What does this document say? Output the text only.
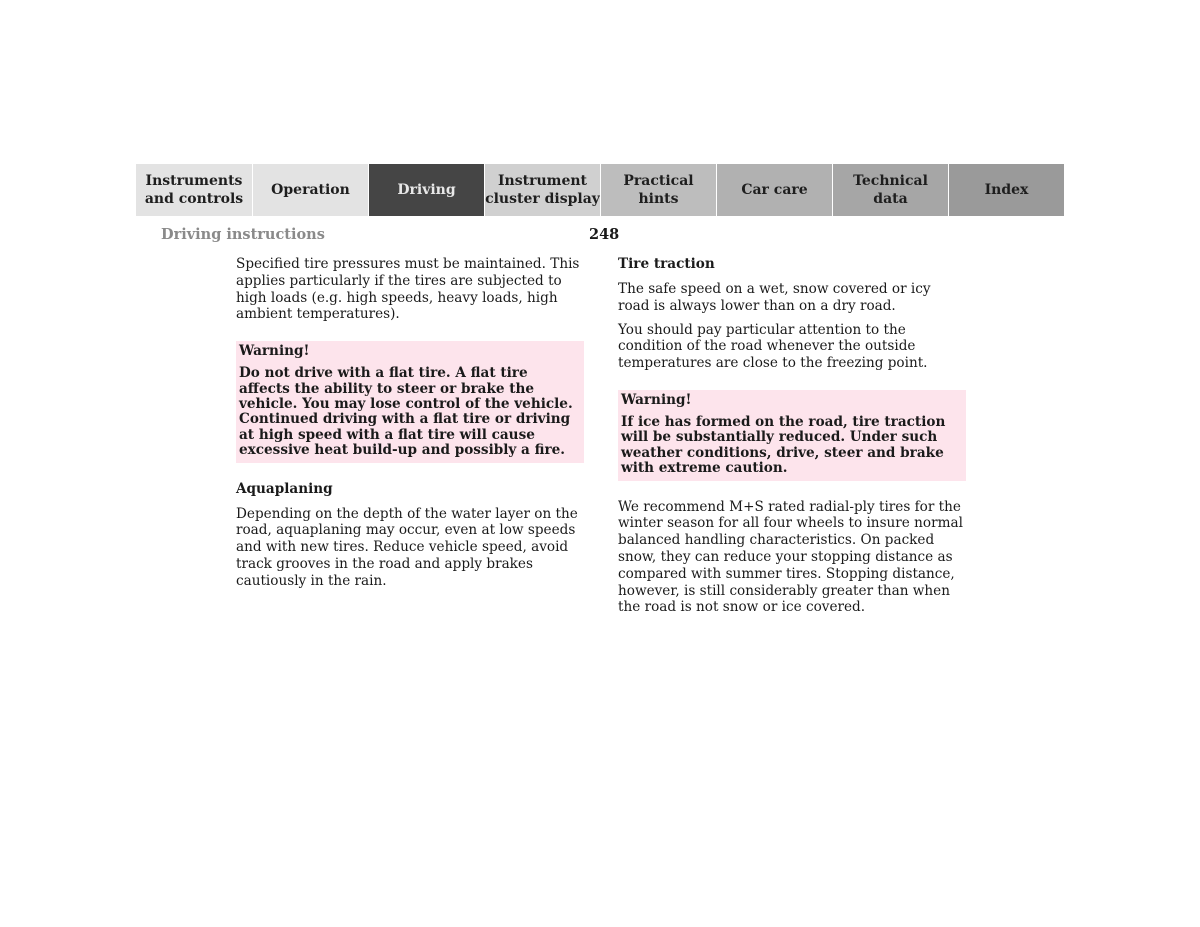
Instruments
and controls
Operation	Driving
Instrument
cluster display
Practical hints
Car care
Technical
data
Index
Driving instructions	248

Specified tire pressures must be maintained. This applies particularly if the tires are subjected to high loads (e.g. high speeds, heavy loads, high ambient temperatures).

Warning!
Do not drive with a flat tire. A flat tire affects the ability to steer or brake the vehicle. You may lose control of the vehicle. Continued driving with a flat tire or driving at high speed with a flat tire will cause excessive heat build-up and possibly a fire.
Aquaplaning

Depending on the depth of the water layer on the road, aquaplaning may occur, even at low speeds and with new tires. Reduce vehicle speed, avoid track grooves in the road and apply brakes cautiously in the rain.

Tire traction

The safe speed on a wet, snow covered or icy road is always lower than on a dry road.

You should pay particular attention to the condition of the road whenever the outside temperatures are close to the freezing point.

Warning!
If ice has formed on the road, tire traction will be substantially reduced. Under such weather conditions, drive, steer and brake with extreme caution.

We recommend M+S rated radial-ply tires for the winter season for all four wheels to insure normal balanced handling characteristics. On packed snow, they can reduce your stopping distance as compared with summer tires. Stopping distance, however, is still considerably greater than when the road is not snow or ice covered.
